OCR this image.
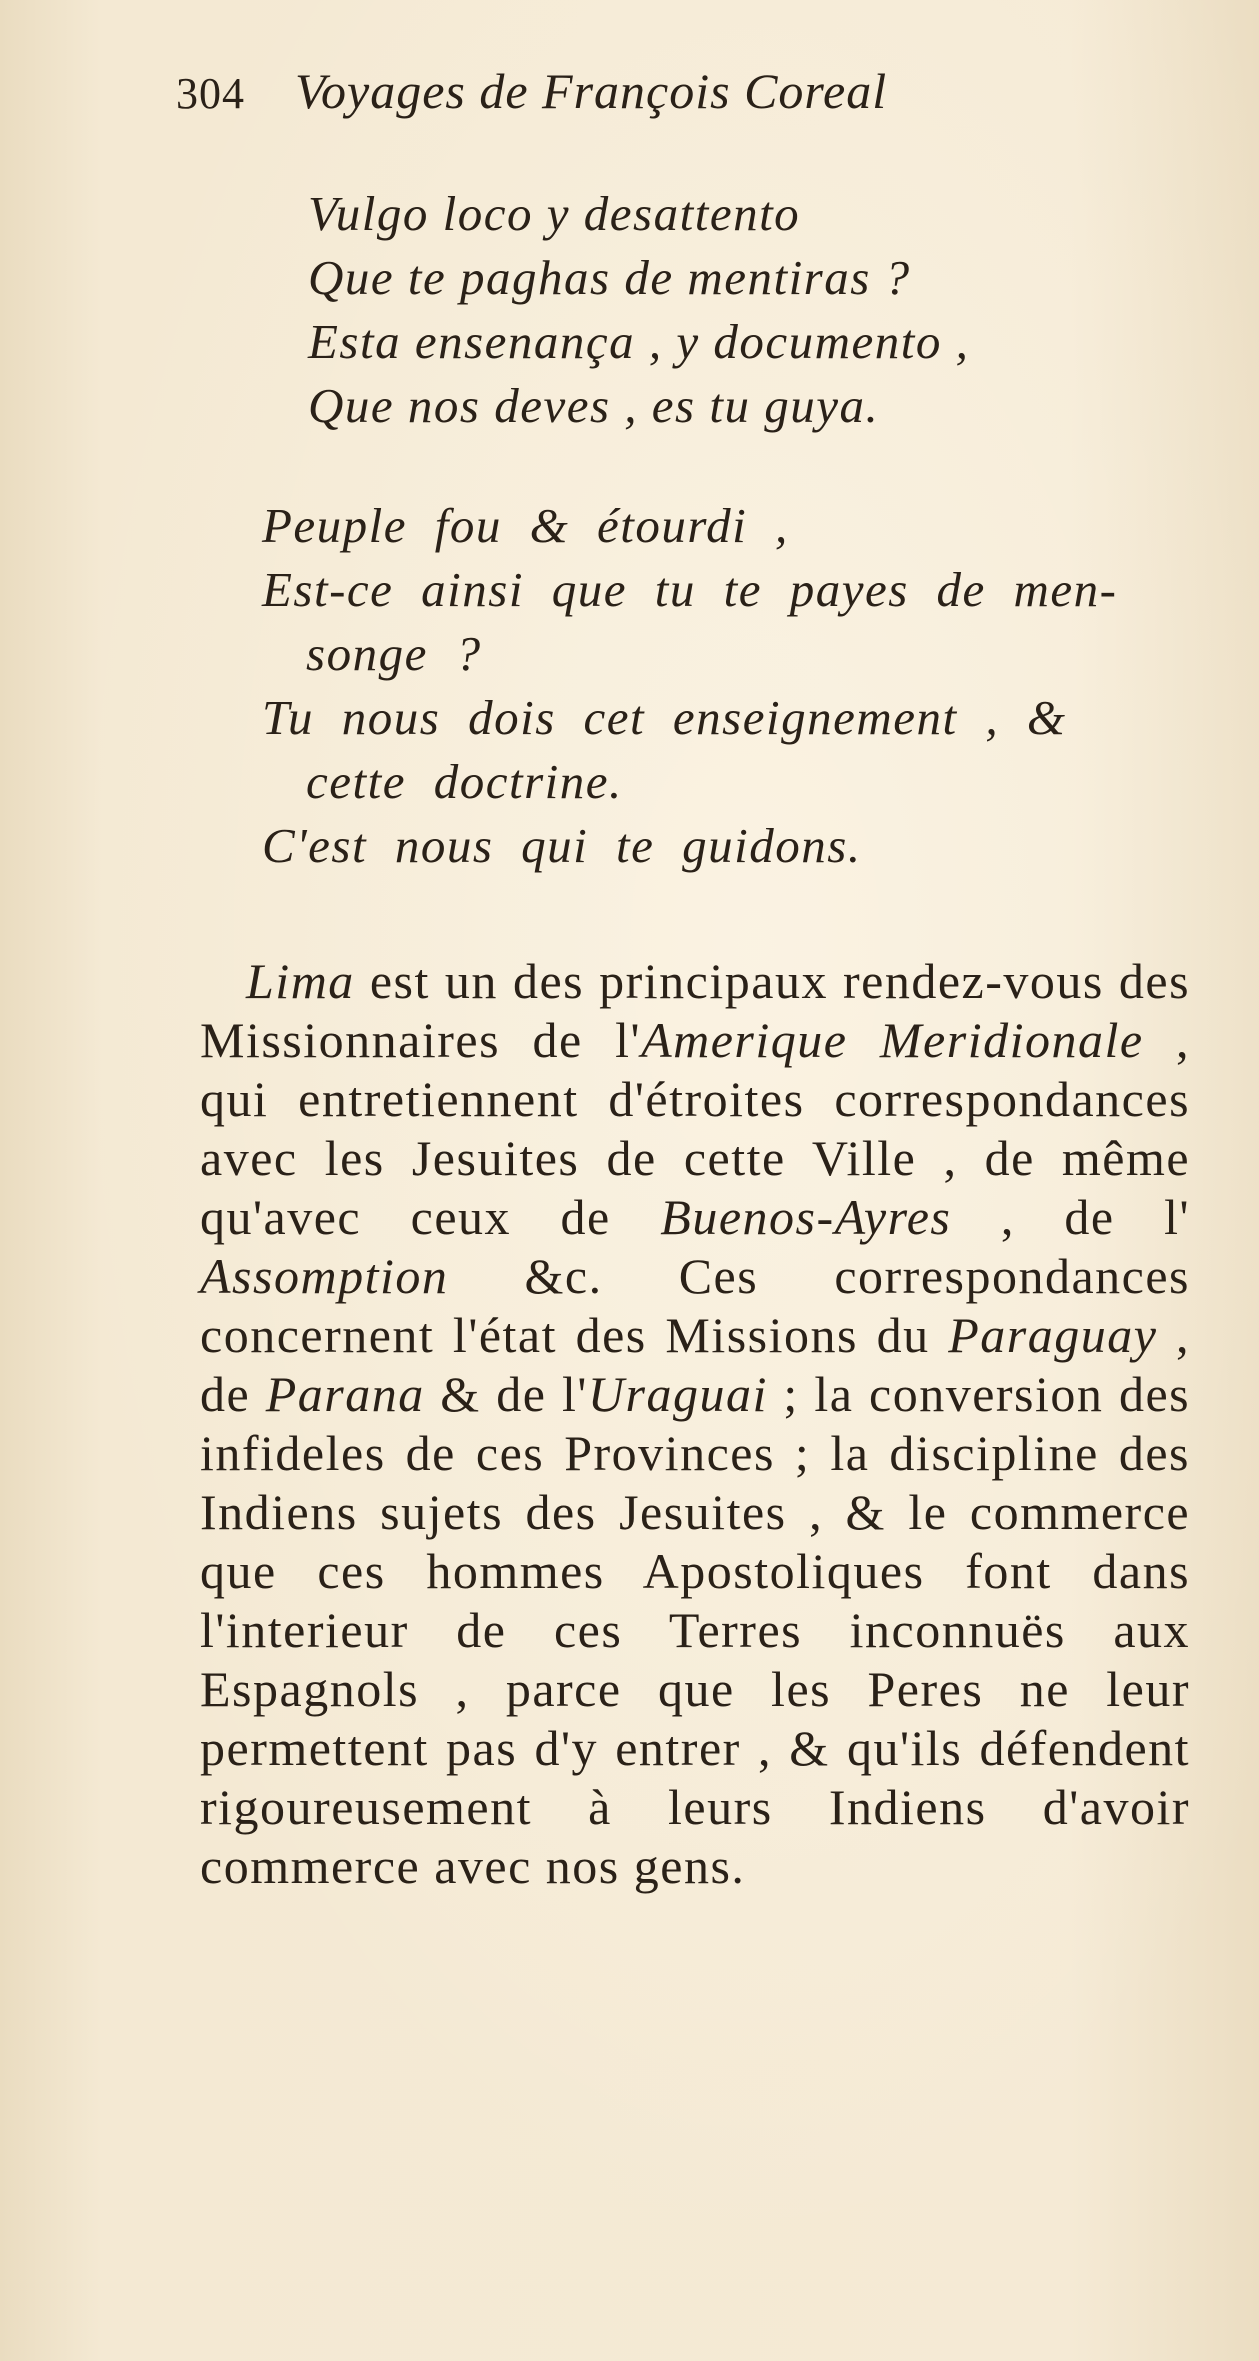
304 Voyages de François Coreal
Vulgo loco y desattento
Que te paghas de mentiras ?
Esta ensenança , y documento ,
Que nos deves , es tu guya.
Peuple fou & étourdi ,
Est-ce ainsi que tu te payes de men-
songe ?
Tu nous dois cet enseignement , &
cette doctrine.
C'est nous qui te guidons.
Lima est un des principaux rendez-vous des
Missionnaires de l'Amerique Meridionale ,
qui entretiennent d'étroites correspondances
avec les Jesuites de cette Ville , de même
qu'avec ceux de Buenos-Ayres , de l'
Assomption &c. Ces correspondances
concernent l'état des Missions du Paraguay ,
de Parana & de l'Uraguai ; la conversion des
infideles de ces Provinces ; la discipline des
Indiens sujets des Jesuites , & le commerce
que ces hommes Apostoliques font dans
l'interieur de ces Terres inconnuës aux
Espagnols , parce que les Peres ne leur
permettent pas d'y entrer , & qu'ils défendent
rigoureusement à leurs Indiens d'avoir
commerce avec nos gens.
